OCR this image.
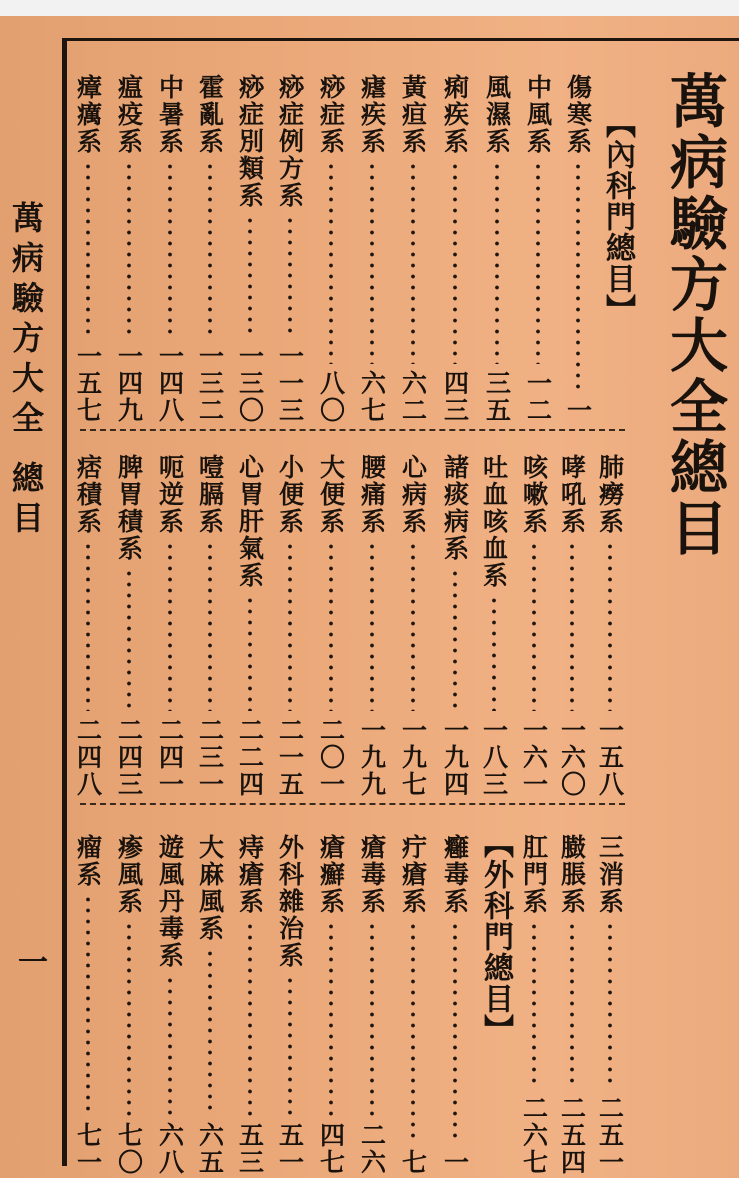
萬病驗方大全總目
一
萬病驗方大全總目
【內科門總目】
【外科門總目】
傷寒系
一
中風系
一二
風濕系
三五
痢疾系
四三
黃疸系
六二
瘧疾系
六七
痧症系
八〇
痧症例方系
一一三
痧症別類系
一三〇
霍亂系
一三二
中暑系
一四八
瘟疫系
一四九
瘴癘系
一五七
肺癆系
一五八
哮吼系
一六〇
咳嗽系
一六一
吐血咳血系
一八三
諸痰病系
一九四
心病系
一九七
腰痛系
一九九
大便系
二〇一
小便系
二一五
心胃肝氣系
二二四
噎膈系
二三一
呃逆系
二四一
脾胃積系
二四三
痞積系
二四八
三消系
二五一
臌脹系
二五四
肛門系
二六七
癰毒系
一
疔瘡系
七
瘡毒系
二六
瘡癬系
四七
外科雜治系
五一
痔瘡系
五三
大麻風系
六五
遊風丹毒系
六八
瘆風系
七〇
瘤系
七一
